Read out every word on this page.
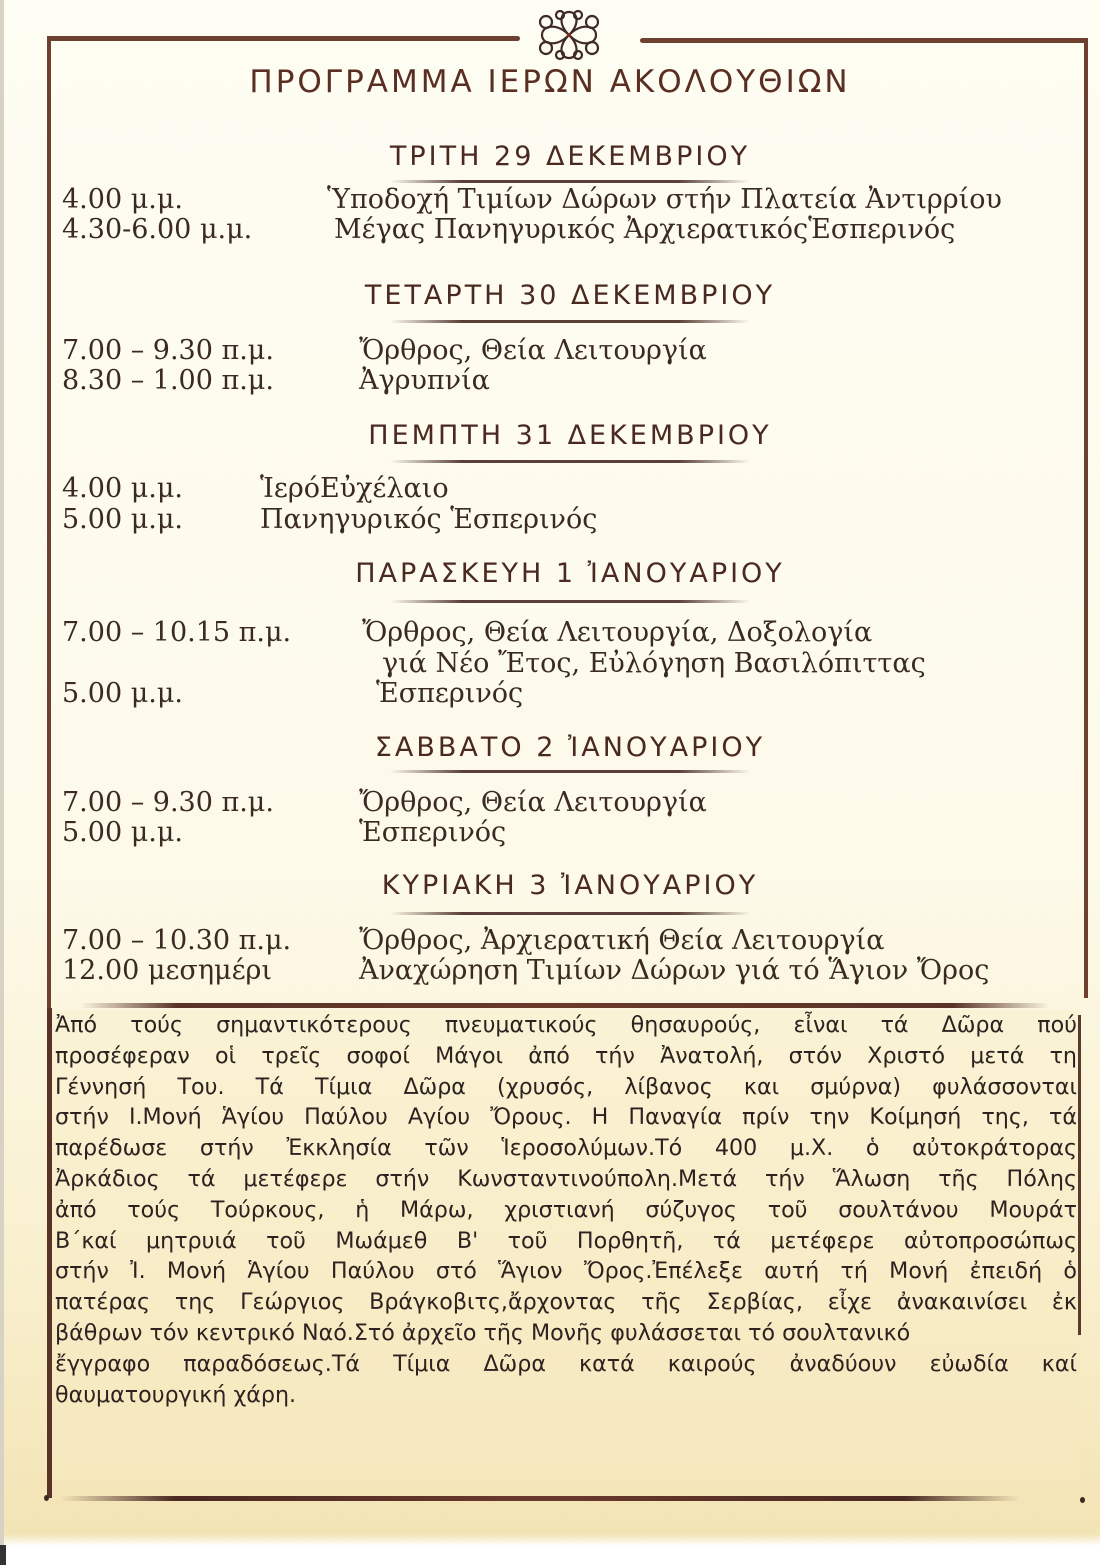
ΠΡΟΓΡΑΜΜΑ ΙΕΡΩΝ ΑΚΟΛΟΥΘΙΩΝ
ΤΡΙΤΗ 29 ΔΕΚΕΜΒΡΙΟΥ
4.00 μ.μ.	Ὑποδοχή Τιμίων Δώρων στήν Πλατεία Ἀντιρρίου
4.30-6.00 μ.μ.	Μέγας Πανηγυρικός ἈρχιερατικόςἙσπερινός
ΤΕΤΑΡΤΗ 30 ΔΕΚΕΜΒΡΙΟΥ
7.00 – 9.30 π.μ.	Ὄρθρος, Θεία Λειτουργία
8.30 – 1.00 π.μ.	Ἀγρυπνία
ΠΕΜΠΤΗ 31 ΔΕΚΕΜΒΡΙΟΥ
4.00 μ.μ.	ἹερόΕὐχέλαιο
5.00 μ.μ.	Πανηγυρικός Ἑσπερινός
ΠΑΡΑΣΚΕΥΗ 1 ἸΑΝΟΥΑΡΙΟΥ
7.00 – 10.15 π.μ.	Ὄρθρος, Θεία Λειτουργία, Δοξολογία
γιά Νέο Ἔτος, Εὐλόγηση Βασιλόπιττας
5.00 μ.μ.	Ἑσπερινός
ΣΑΒΒΑΤΟ 2 ἸΑΝΟΥΑΡΙΟΥ
7.00 – 9.30 π.μ.	Ὄρθρος, Θεία Λειτουργία
5.00 μ.μ.	Ἑσπερινός
ΚΥΡΙΑΚΗ 3 ἸΑΝΟΥΑΡΙΟΥ
7.00 – 10.30 π.μ.	Ὄρθρος, Ἀρχιερατική Θεία Λειτουργία
12.00 μεσημέρι	Ἀναχώρηση Τιμίων Δώρων γιά τό Ἅγιον Ὄρος
Ἀπό τούς σημαντικότερους πνευματικούς θησαυρούς, εἶναι τά Δῶρα πού
προσέφεραν οἱ τρεῖς σοφοί Μάγοι ἀπό τήν Ἀνατολή, στόν Χριστό μετά τη
Γέννησή Του. Τά Τίμια Δῶρα (χρυσός, λίβανος και σμύρνα) φυλάσσονται
στήν Ι.Μονή Ἁγίου Παύλου Αγίου Ὄρους. Η Παναγία πρίν την Κοίμησή της, τά
παρέδωσε στήν Ἐκκλησία τῶν Ἱεροσολύμων.Τό 400 μ.Χ. ὁ αὐτοκράτορας
Ἀρκάδιος τά μετέφερε στήν Κωνσταντινούπολη.Μετά τήν Ἅλωση τῆς Πόλης
ἀπό τούς Τούρκους, ἡ Μάρω, χριστιανή σύζυγος τοῦ σουλτάνου Μουράτ
Β΄καί μητρυιά τοῦ Μωάμεθ Β' τοῦ Πορθητῆ, τά μετέφερε αὐτοπροσώπως
στήν Ἰ. Μονή Ἁγίου Παύλου στό Ἅγιον Ὄρος.Ἐπέλεξε αυτή τή Μονή ἐπειδή ὁ
πατέρας της Γεώργιος Βράγκοβιτς,ἄρχοντας τῆς Σερβίας, εἶχε ἀνακαινίσει ἐκ
βάθρων τόν κεντρικό Ναό.Στό ἀρχεῖο τῆς Μονῆς φυλάσσεται τό σουλτανικό
ἔγγραφο παραδόσεως.Τά Τίμια Δῶρα κατά καιρούς ἀναδύουν εὐωδία καί
θαυματουργική χάρη.
